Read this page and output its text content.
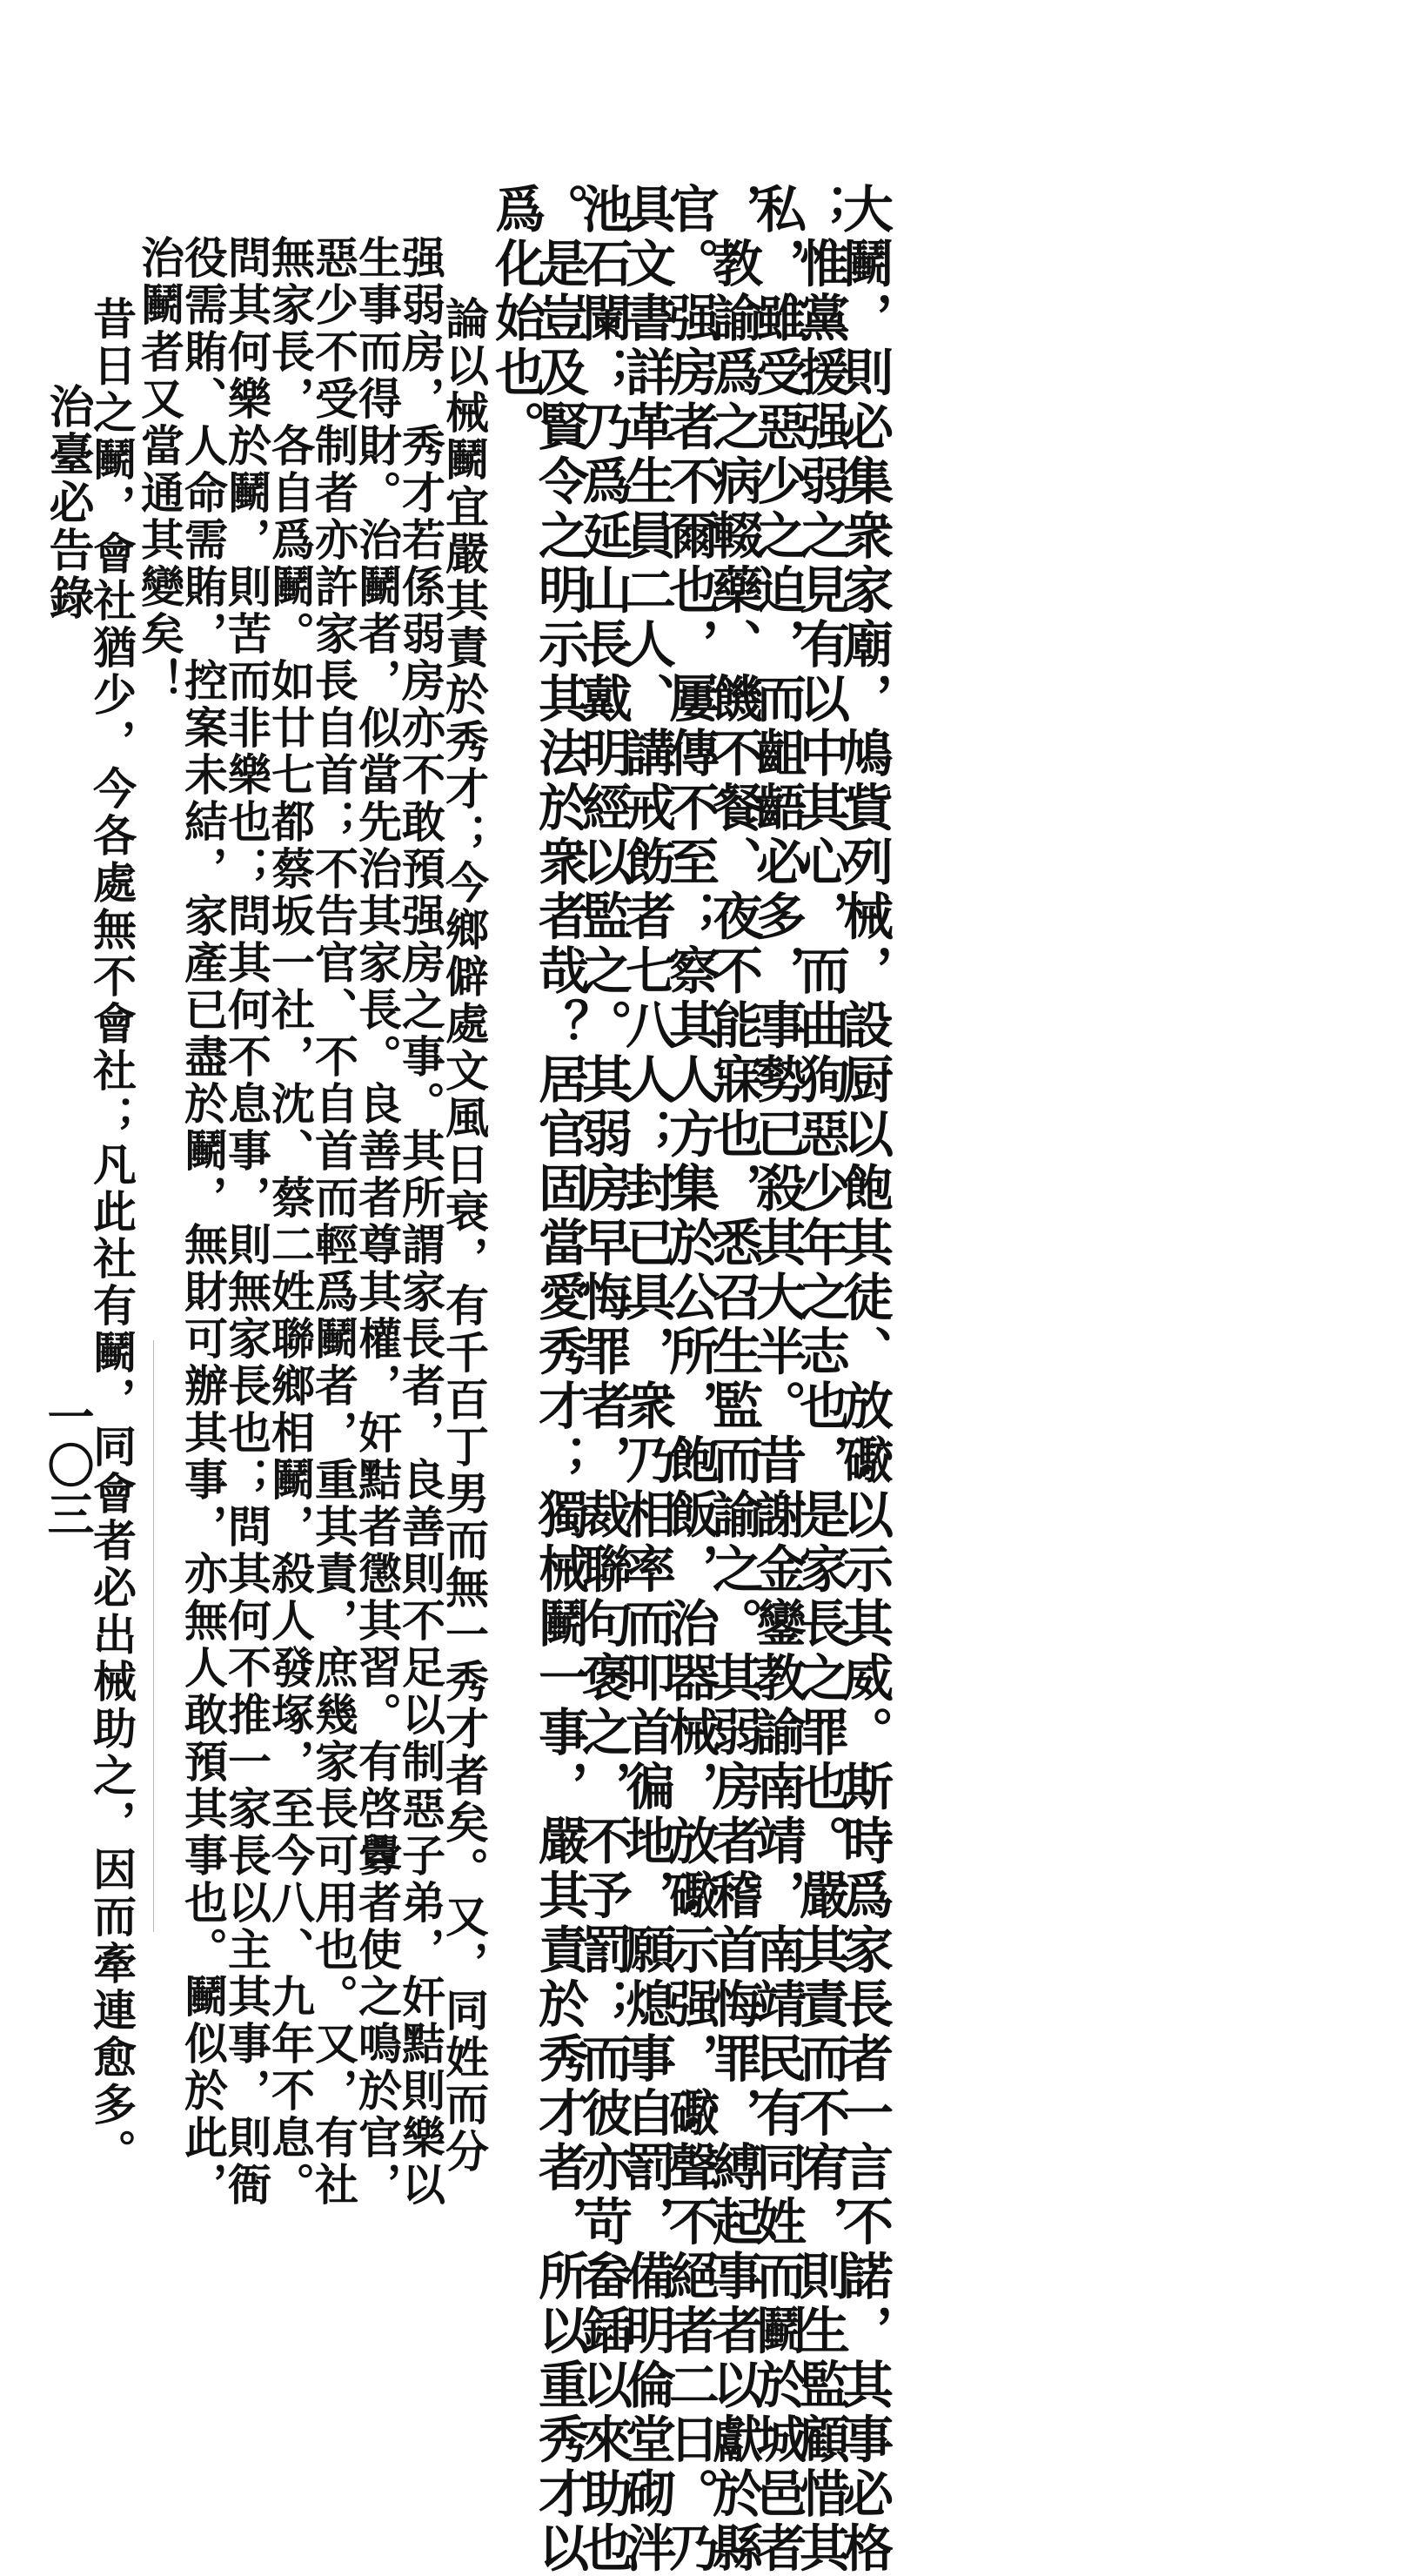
大鬭，則必集衆家廟，鳩貲列械，設厨以飽其徒、放礮以示其威。斯時爲家長者一言不諾，其事必格
；惟黨援强弱之見有以中其心，而曲狥惡少年之志也，是家長之罪也。嚴其責而不宥，則生監顧惜其
私，雖受惡少之迫，而齟齬必多，事勢已殺其大半。昔謝金鑾教諭南靖，南靖民有同姓而鬬於城邑者
，教諭爲之病輟藥、饑不餐、夜不能寐也，悉召生監而諭之。其弱房者稽首悔罪，縛起事者以獻於縣
官。强房者不爾也，屢傳不至；察其人方集於公所，飽飯，治器械，放礮示强，礮聲不絕者二日。乃
具文書詳革生員二人、講戒飭者七八人；封已具，衆乃相率而叩首徧地，願熄事自罰，備明倫堂砌泮
池石闌；乃爲延山長戴明經以監之。其弱房早悔罪者，裁聯句褒之，不予罰；而彼亦苛畚鍤以來助也
。是豈及賢令之明示其法於衆者哉？居官固當愛秀才；獨械鬭一事，嚴其責於秀才者，所以重秀才以
爲化始也。
論以械鬭宜嚴其責於秀才；今鄉僻處文風日衰，有千百丁男而無一秀才者矣。又，同姓而分
强弱房，秀才若係弱房亦不敢預强房之事。其所謂家長者，良善則不足以制惡子弟，奸黠則樂以
生事而得財。治鬭者，似當先治其家長。良善者尊其權，奸黠者懲其習。有啓釁者使之鳴於官，
惡少不受制者亦許家長自首；不告官、不自首而輕爲鬭者，重其責，庶幾家長可用也。又，有社
無家長，各自爲鬭。如廿七都蔡坂一社，沈、蔡二姓聯鄉相鬭，殺人發塚，至今八、九年不息。
問其何樂於鬭，則苦而非樂也；問其何不息事，則無家長也；問其何不推一家長以主其事，則衙
役需賄、人命需賄，控案未結，家產已盡於鬭，無財可辦其事，亦無人敢預其事也。鬭似於此，
治鬭者又當通其變矣！
昔日之鬭，會社猶少，今各處無不會社；凡此社有鬭，同會者必出械助之，因而牽連愈多。
治臺必告錄
一〇三
